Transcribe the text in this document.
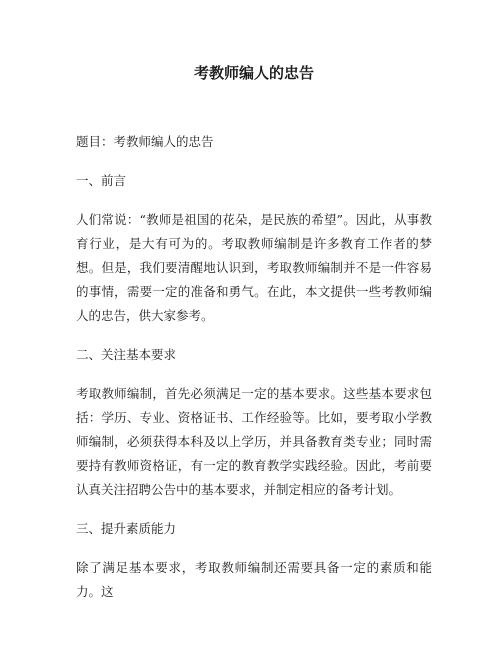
考教师编人的忠告

题目：考教师编人的忠告

一、前言

人们常说：“教师是祖国的花朵，是民族的希望”。因此，从事教育行业，是大有可为的。考取教师编制是许多教育工作者的梦想。但是，我们要清醒地认识到，考取教师编制并不是一件容易的事情，需要一定的准备和勇气。在此，本文提供一些考教师编人的忠告，供大家参考。

二、关注基本要求

考取教师编制，首先必须满足一定的基本要求。这些基本要求包括：学历、专业、资格证书、工作经验等。比如，要考取小学教师编制，必须获得本科及以上学历，并具备教育类专业；同时需要持有教师资格证，有一定的教育教学实践经验。因此，考前要认真关注招聘公告中的基本要求，并制定相应的备考计划。

三、提升素质能力

除了满足基本要求，考取教师编制还需要具备一定的素质和能力。这
